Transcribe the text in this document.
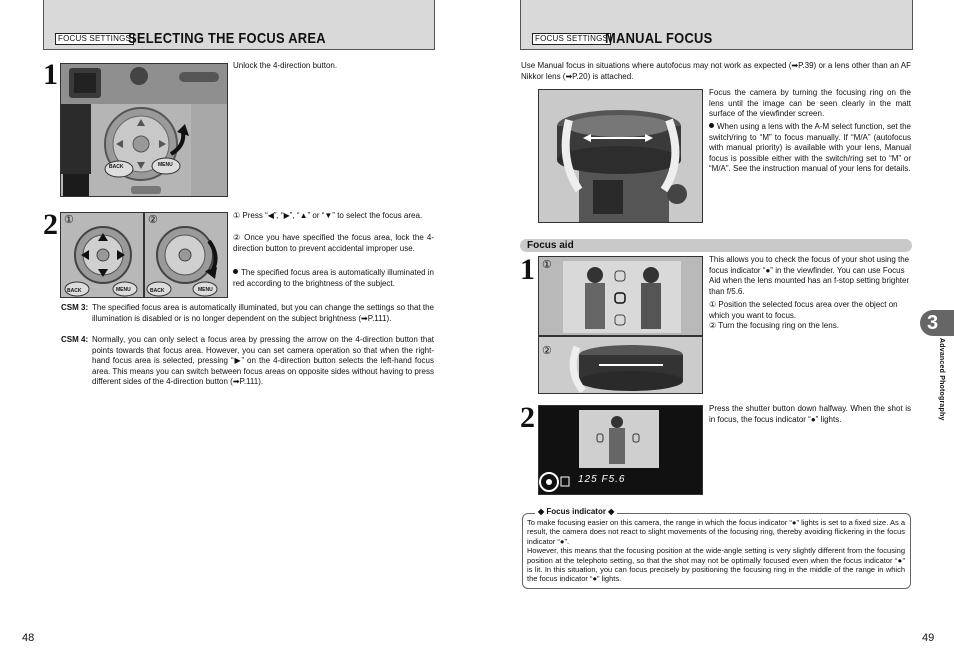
FOCUS SETTINGS
SELECTING THE FOCUS AREA
1
BACK	MENU
Unlock the 4-direction button.
2 ①	②
BACK	MENU	BACK	MENU
① Press “◀”, “▶”, “▲” or “▼” to select the focus area.
② Once you have specified the focus area, lock the 4-direction button to prevent accidental improper use.
The specified focus area is automatically illuminated in red according to the brightness of the subject.
CSM 3: The specified focus area is automatically illuminated, but you can change the settings so that the illumination is disabled or is no longer dependent on the subject brightness (➡P.111).
CSM 4: Normally, you can only select a focus area by pressing the arrow on the 4-direction button that points towards that focus area. However, you can set camera operation so that when the right-hand focus area is selected, pressing “▶” on the 4-direction button selects the left-hand focus area. This means you can switch between focus areas on opposite sides without having to press different sides of the 4-direction button (➡P.111).
48
FOCUS SETTINGS
MANUAL FOCUS
Use Manual focus in situations where autofocus may not work as expected (➡P.39) or a lens other than an AF Nikkor lens (➡P.20) is attached.
Focus the camera by turning the focusing ring on the lens until the image can be seen clearly in the matt surface of the viewfinder screen.
When using a lens with the A-M select function, set the switch/ring to “M” to focus manually. If “M/A” (autofocus with manual priority) is available with your lens, Manual focus is possible either with the switch/ring set to “M” or “M/A”. See the instruction manual of your lens for details.
Focus aid
1 ①
②
This allows you to check the focus of your shot using the focus indicator “●” in the viewfinder. You can use Focus Aid when the lens mounted has an f-stop setting brighter than f/5.6.
① Position the selected focus area over the object on which you want to focus.
② Turn the focusing ring on the lens.
2
125 F5.6
Press the shutter button down halfway. When the shot is in focus, the focus indicator “●” lights.
◆ Focus indicator ◆

To make focusing easier on this camera, the range in which the focus indicator “●” lights is set to a fixed size. As a result, the camera does not react to slight movements of the focusing ring, thereby avoiding flickering in the focus indicator “●”.

However, this means that the focusing position at the wide-angle setting is very slightly different from the focusing position at the telephoto setting, so that the shot may not be optimally focused even when the focus indicator “●” is lit. In this situation, you can focus precisely by positioning the focusing ring in the middle of the range in which the focus indicator “●” lights.

3
Advanced Photography
49
